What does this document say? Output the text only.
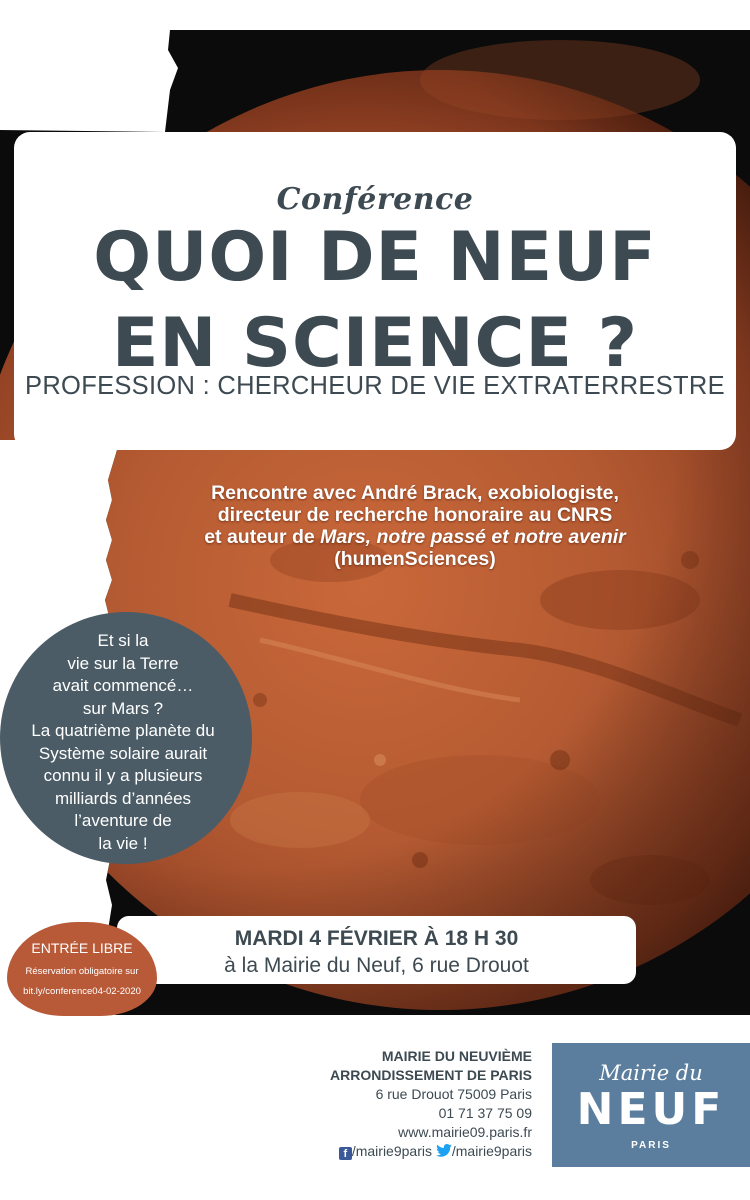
Conférence
QUOI DE NEUF
EN SCIENCE ?
PROFESSION : CHERCHEUR DE VIE EXTRATERRESTRE
Rencontre avec André Brack, exobiologiste,
directeur de recherche honoraire au CNRS
et auteur de Mars, notre passé et notre avenir
(humenSciences)
Et si la
vie sur la Terre
avait commencé…
sur Mars ?
La quatrième planète du
Système solaire aurait
connu il y a plusieurs
milliards d’années
l’aventure de
la vie !
MARDI 4 FÉVRIER À 18 H 30
à la Mairie du Neuf, 6 rue Drouot
ENTRÉE LIBRE
Réservation obligatoire sur
bit.ly/conference04-02-2020
MAIRIE DU NEUVIÈME
ARRONDISSEMENT DE PARIS
6 rue Drouot 75009 Paris
01 71 37 75 09
www.mairie09.paris.fr
f /mairie9paris /mairie9paris
Mairie du
NEUF
PARIS
